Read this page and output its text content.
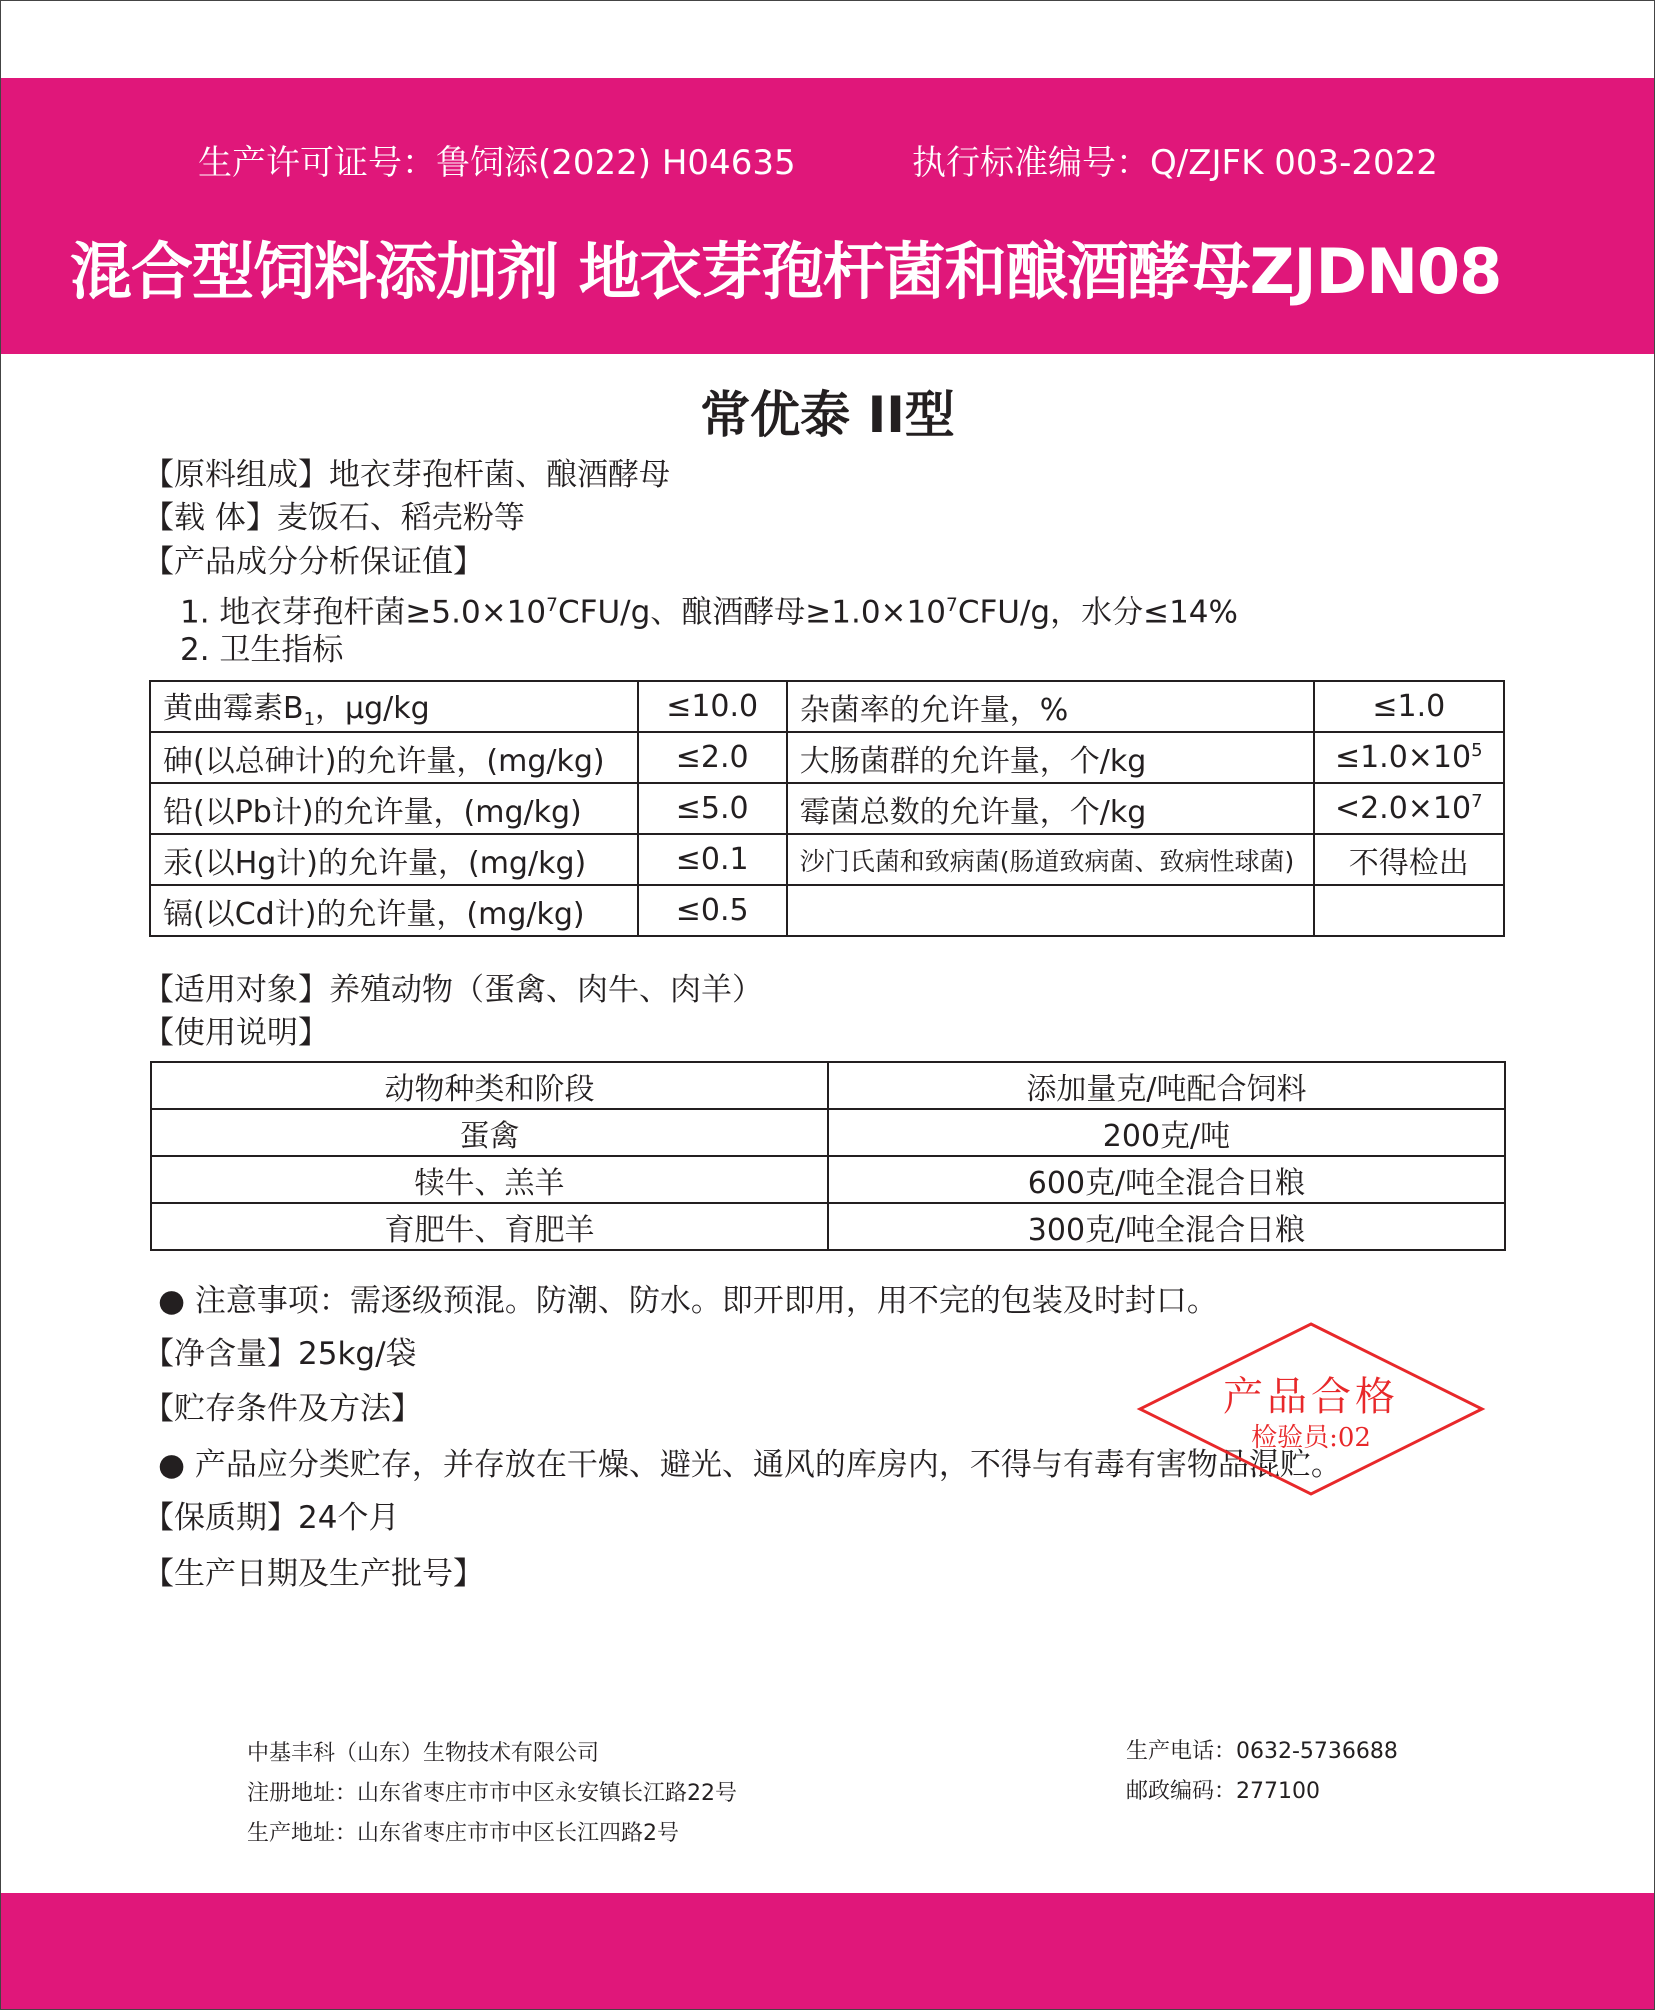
生产许可证号：鲁饲添(2022) H04635	执行标准编号：Q/ZJFK 003-2022
混合型饲料添加剂 地衣芽孢杆菌和酿酒酵母ZJDN08
常优泰 II型
【原料组成】地衣芽孢杆菌、酿酒酵母
【载 体】麦饭石、稻壳粉等
【产品成分分析保证值】
1. 地衣芽孢杆菌$\ge 5.0\times 10^7CFU/g$、酿酒酵母$\ge 1.0\times 10^7CFU/g$，水分≤14%
2. 卫生指标
黄曲霉素$B_1$，μg/kg	≤10.0	杂菌率的允许量，%	≤1.0
砷(以总砷计)的允许量，(mg/kg)	≤2.0	大肠菌群的允许量，个/kg	$\le 1.0\times 10^5$
铅(以Pb计)的允许量，(mg/kg)	≤5.0	霉菌总数的允许量，个/kg	$<2.0\times 10^7$
汞(以Hg计)的允许量，(mg/kg)	≤0.1	沙门氏菌和致病菌(肠道致病菌、致病性球菌)	不得检出
镉(以Cd计)的允许量，(mg/kg)	≤0.5		
【适用对象】养殖动物（蛋禽、肉牛、肉羊）
【使用说明】
动物种类和阶段	添加量克/吨配合饲料
蛋禽	200克/吨
犊牛、羔羊	600克/吨全混合日粮
育肥牛、育肥羊	300克/吨全混合日粮
● 注意事项：需逐级预混。防潮、防水。即开即用，用不完的包装及时封口。
【净含量】25kg/袋
【贮存条件及方法】
● 产品应分类贮存，并存放在干燥、避光、通风的库房内，不得与有毒有害物品混贮。
【保质期】24个月
【生产日期及生产批号】
产品合格
检验员:02
中基丰科（山东）生物技术有限公司
注册地址：山东省枣庄市市中区永安镇长江路22号
生产地址：山东省枣庄市市中区长江四路2号
生产电话：0632-5736688
邮政编码：277100
